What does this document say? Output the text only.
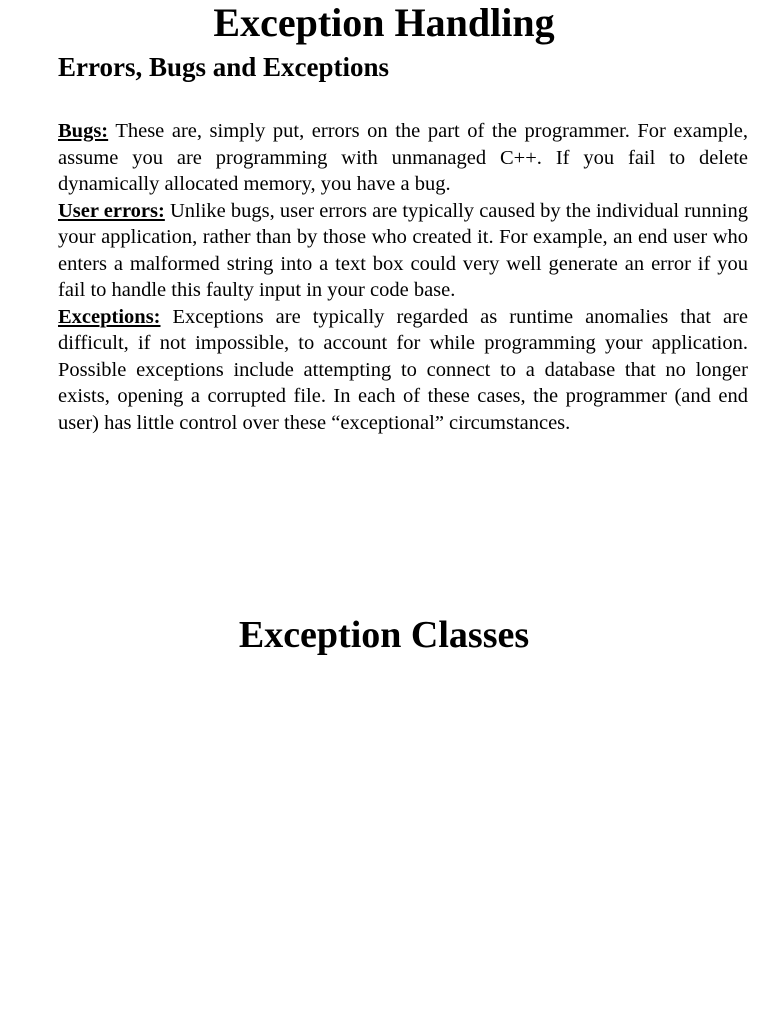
Exception Handling
Errors, Bugs and Exceptions

Bugs: These are, simply put, errors on the part of the programmer. For example, assume you are programming with unmanaged C++. If you fail to delete dynamically allocated memory, you have a bug.

User errors: Unlike bugs, user errors are typically caused by the individual running your application, rather than by those who created it. For example, an end user who enters a malformed string into a text box could very well generate an error if you fail to handle this faulty input in your code base.

Exceptions: Exceptions are typically regarded as runtime anomalies that are difficult, if not impossible, to account for while programming your application. Possible exceptions include attempting to connect to a database that no longer exists, opening a corrupted file. In each of these cases, the programmer (and end user) has little control over these “exceptional” circumstances.

Exception Classes
